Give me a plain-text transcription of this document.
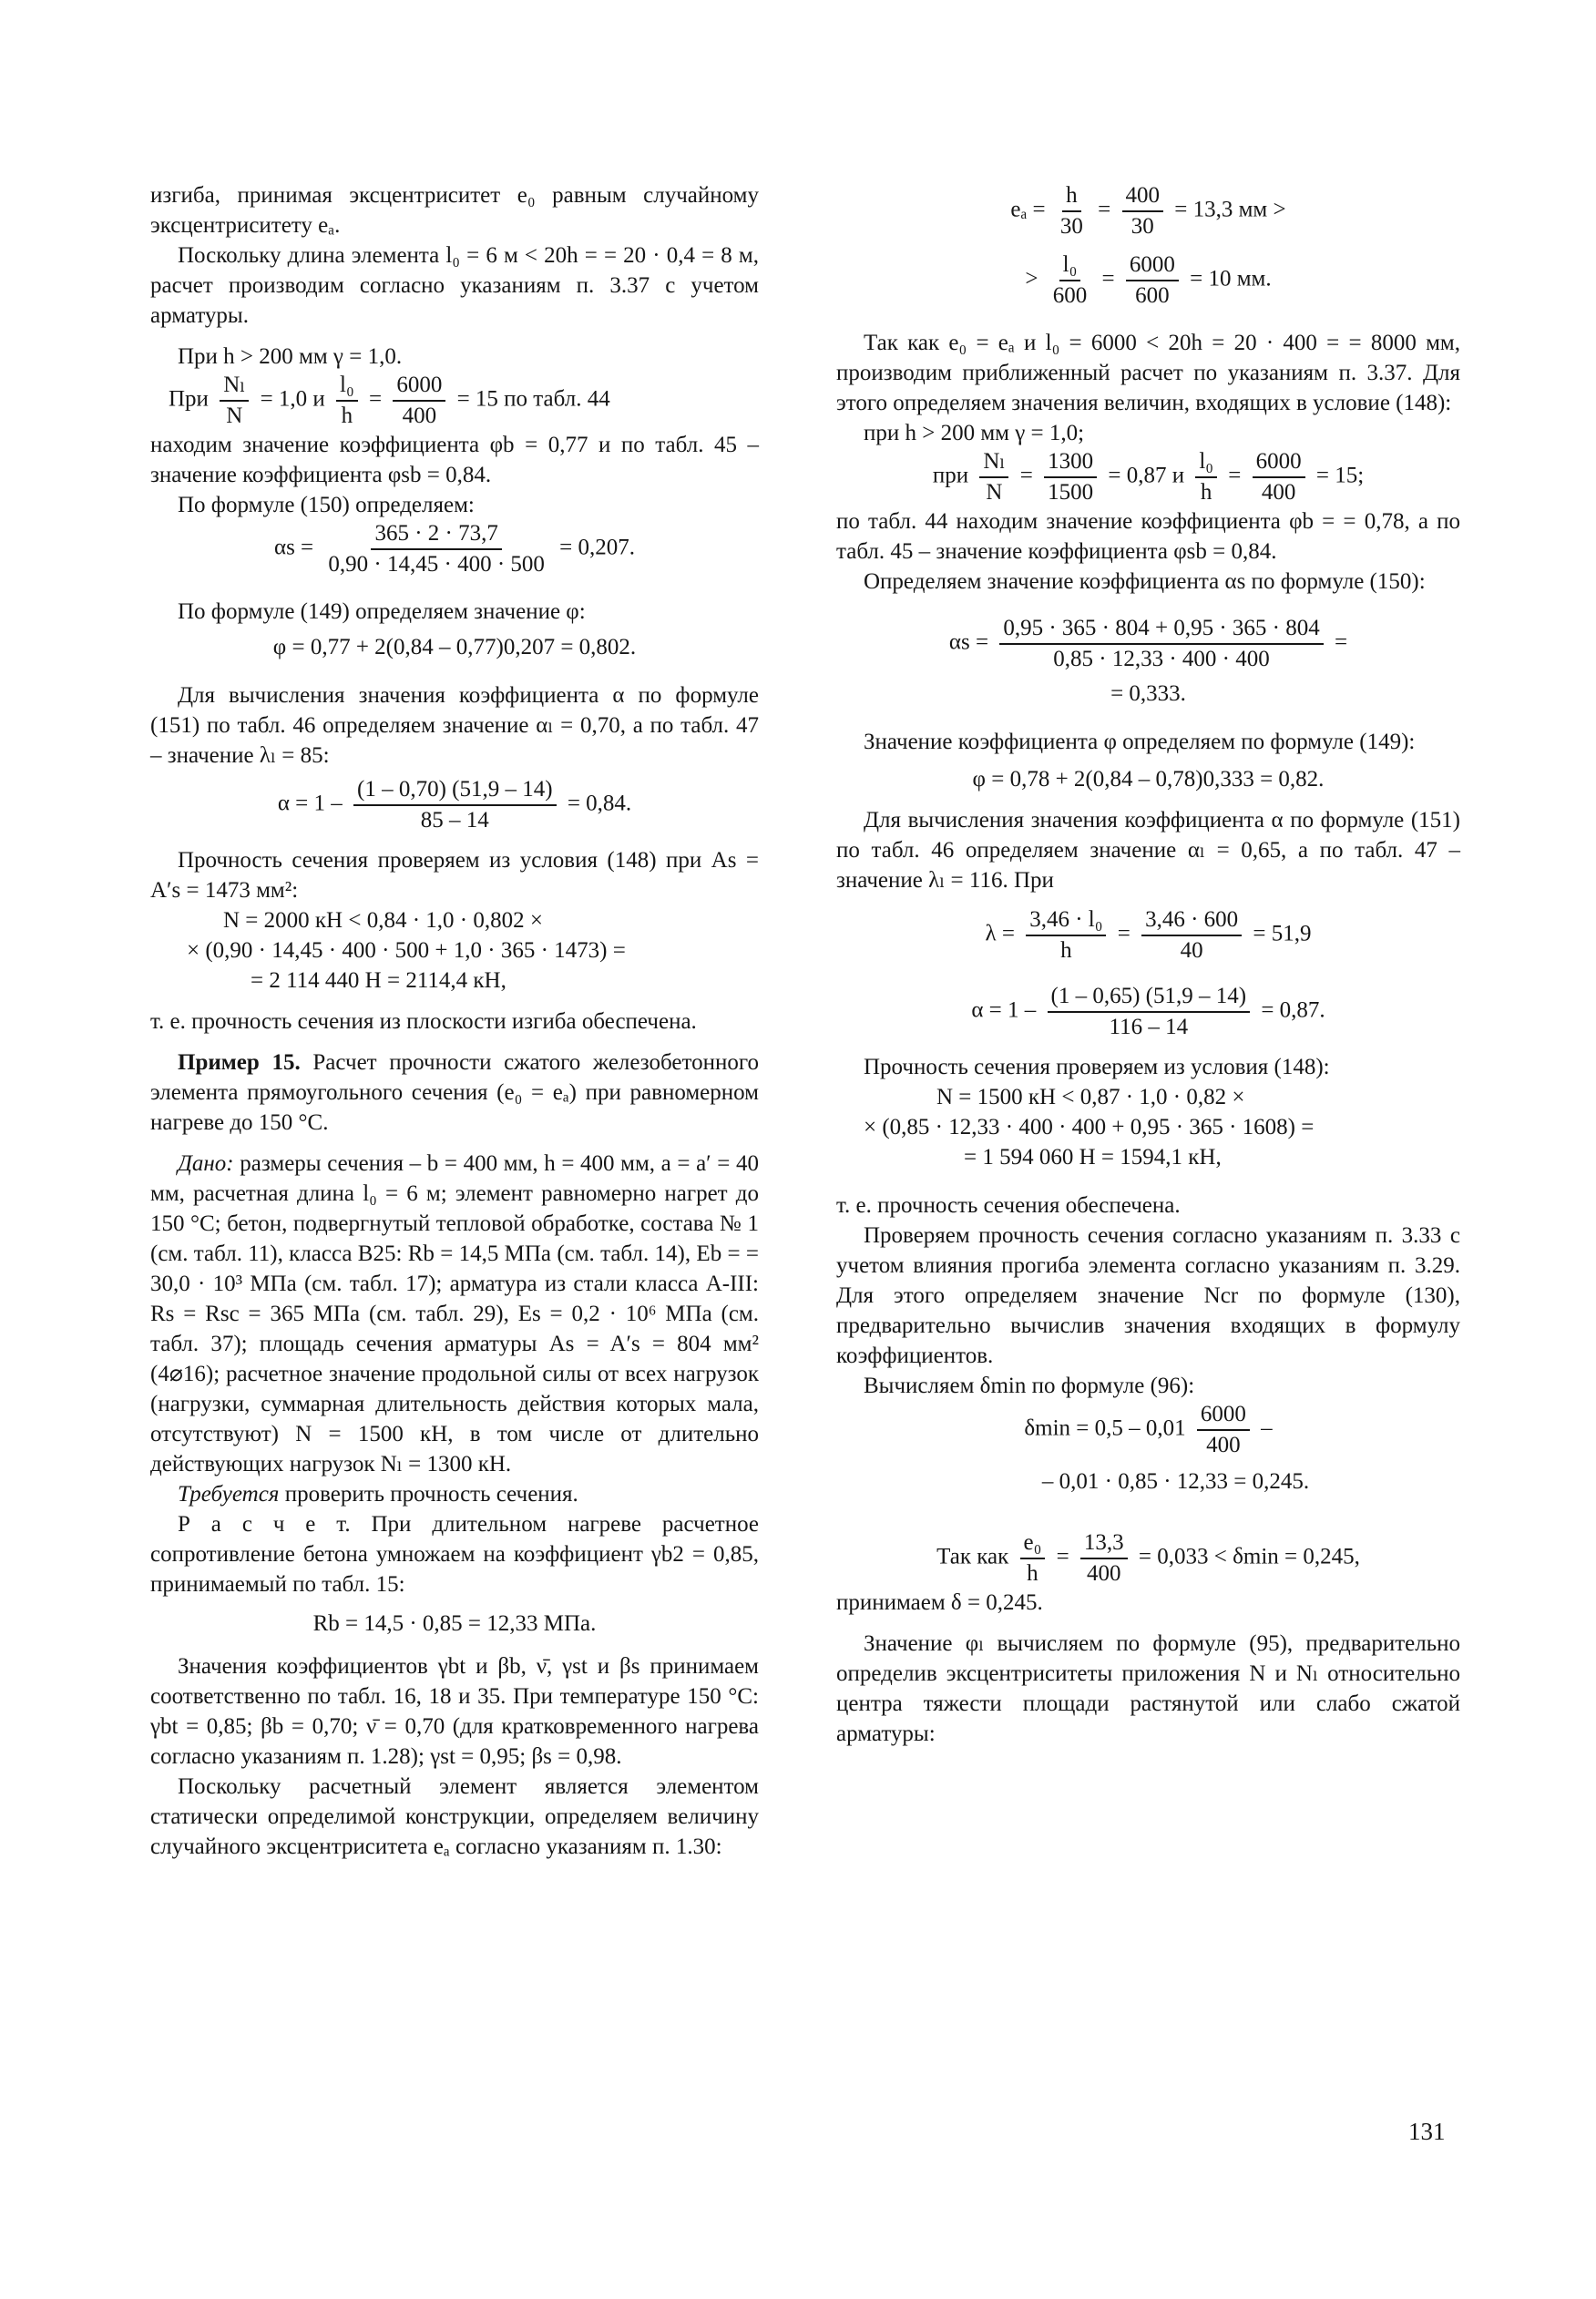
изгиба, принимая эксцентриситет e₀ равным случайному эксцентриситету eₐ.

Поскольку длина элемента l₀ = 6 м < 20h = = 20 · 0,4 = 8 м, расчет производим согласно указаниям п. 3.37 с учетом арматуры.

При h > 200 мм γ = 1,0.

При $\frac{\text{Nₗ}}{N} = 1,0$ и $\frac{\text{l₀}}{h} = \frac{6000}{400} = 15$ по табл. 44

находим значение коэффициента φb = 0,77 и по табл. 45 – значение коэффициента φsb = 0,84.

По формуле (150) определяем:

$\alpha s = \frac{365 \cdot 2 \cdot 73,7}{0,90 \cdot 14,45 \cdot 400 \cdot 500} = 0,207$.

По формуле (149) определяем значение φ:

φ = 0,77 + 2(0,84 – 0,77)0,207 = 0,802.

Для вычисления значения коэффициента α по формуле (151) по табл. 46 определяем значение αₗ = 0,70, а по табл. 47 – значение λₗ = 85:

$\alpha = 1 - \frac{(1 - 0,70) (51,9 - 14)}{85 - 14} = 0,84$.

Прочность сечения проверяем из условия (148) при As = A′s = 1473 мм²:

N = 2000 кН < 0,84 · 1,0 · 0,802 ×
× (0,90 · 14,45 · 400 · 500 + 1,0 · 365 · 1473) =
= 2 114 440 Н = 2114,4 кН,

т. е. прочность сечения из плоскости изгиба обеспечена.

Пример 15. Расчет прочности сжатого железобетонного элемента прямоугольного сечения (e₀ = eₐ) при равномерном нагреве до 150 °С.

Дано: размеры сечения – b = 400 мм, h = 400 мм, a = a′ = 40 мм, расчетная длина l₀ = 6 м; элемент равномерно нагрет до 150 °С; бетон, подвергнутый тепловой обработке, состава № 1 (см. табл. 11), класса В25: Rb = 14,5 МПа (см. табл. 14), Eb = = 30,0 · 10³ МПа (см. табл. 17); арматура из стали класса А-III: Rs = Rsc = 365 МПа (см. табл. 29), Es = 0,2 · 10⁶ МПа (см. табл. 37); площадь сечения арматуры As = A′s = 804 мм² (4⌀16); расчетное значение продольной силы от всех нагрузок (нагрузки, суммарная длительность действия которых мала, отсутствуют) N = 1500 кН, в том числе от длительно действующих нагрузок Nₗ = 1300 кН.

Требуется проверить прочность сечения.

Р а с ч е т. При длительном нагреве расчетное сопротивление бетона умножаем на коэффициент γb2 = 0,85, принимаемый по табл. 15:

Rb = 14,5 · 0,85 = 12,33 МПа.

Значения коэффициентов γbt и βb, ν̄, γst и βs принимаем соответственно по табл. 16, 18 и 35. При температуре 150 °С: γbt = 0,85; βb = 0,70; ν̄ = 0,70 (для кратковременного нагрева согласно указаниям п. 1.28); γst = 0,95; βs = 0,98.

Поскольку расчетный элемент является элементом статически определимой конструкции, определяем величину случайного эксцентриситета eₐ согласно указаниям п. 1.30:

$e_a = \frac{h}{30} = \frac{400}{30} = 13,3$ мм >
> $\frac{\text{l₀}}{600} = \frac{6000}{600} = 10$ мм.

Так как e₀ = eₐ и l₀ = 6000 < 20h = 20 · 400 = = 8000 мм, производим приближенный расчет по указаниям п. 3.37. Для этого определяем значения величин, входящих в условие (148):

при h > 200 мм γ = 1,0;

при $\frac{\text{Nₗ}}{N} = \frac{1300}{1500} = 0,87$ и $\frac{\text{l₀}}{h} = \frac{6000}{400} = 15$;

по табл. 44 находим значение коэффициента φb = = 0,78, а по табл. 45 – значение коэффициента φsb = 0,84.

Определяем значение коэффициента αs по формуле (150):

$\alpha s = \frac{0,95 \cdot 365 \cdot 804 + 0,95 \cdot 365 \cdot 804}{0,85 \cdot 12,33 \cdot 400 \cdot 400}$ =
= 0,333.

Значение коэффициента φ определяем по формуле (149):

φ = 0,78 + 2(0,84 – 0,78)0,333 = 0,82.

Для вычисления значения коэффициента α по формуле (151) по табл. 46 определяем значение αₗ = 0,65, а по табл. 47 – значение λₗ = 116. При

$\lambda = \frac{\text{3,46 · l₀}}{h} = \frac{3,46 \cdot 600}{40} = 51,9$
$\alpha = 1 - \frac{(1 - 0,65) (51,9 - 14)}{116 - 14} = 0,87$.

Прочность сечения проверяем из условия (148):

N = 1500 кН < 0,87 · 1,0 · 0,82 ×
× (0,85 · 12,33 · 400 · 400 + 0,95 · 365 · 1608) =
= 1 594 060 Н = 1594,1 кН,

т. е. прочность сечения обеспечена.

Проверяем прочность сечения согласно указаниям п. 3.33 с учетом влияния прогиба элемента согласно указаниям п. 3.29. Для этого определяем значение Ncr по формуле (130), предварительно вычислив значения входящих в формулу коэффициентов.

Вычисляем δmin по формуле (96):

$\delta\min = 0,5 - 0,01 \frac{6000}{400}$ –
– 0,01 · 0,85 · 12,33 = 0,245.
Так как $\frac{\text{e₀}}{h} = \frac{13,3}{400} = 0,033 < \delta\min = 0,245$,

принимаем δ = 0,245.

Значение φₗ вычисляем по формуле (95), предварительно определив эксцентриситеты приложения N и Nₗ относительно центра тяжести площади растянутой или слабо сжатой арматуры:

131
